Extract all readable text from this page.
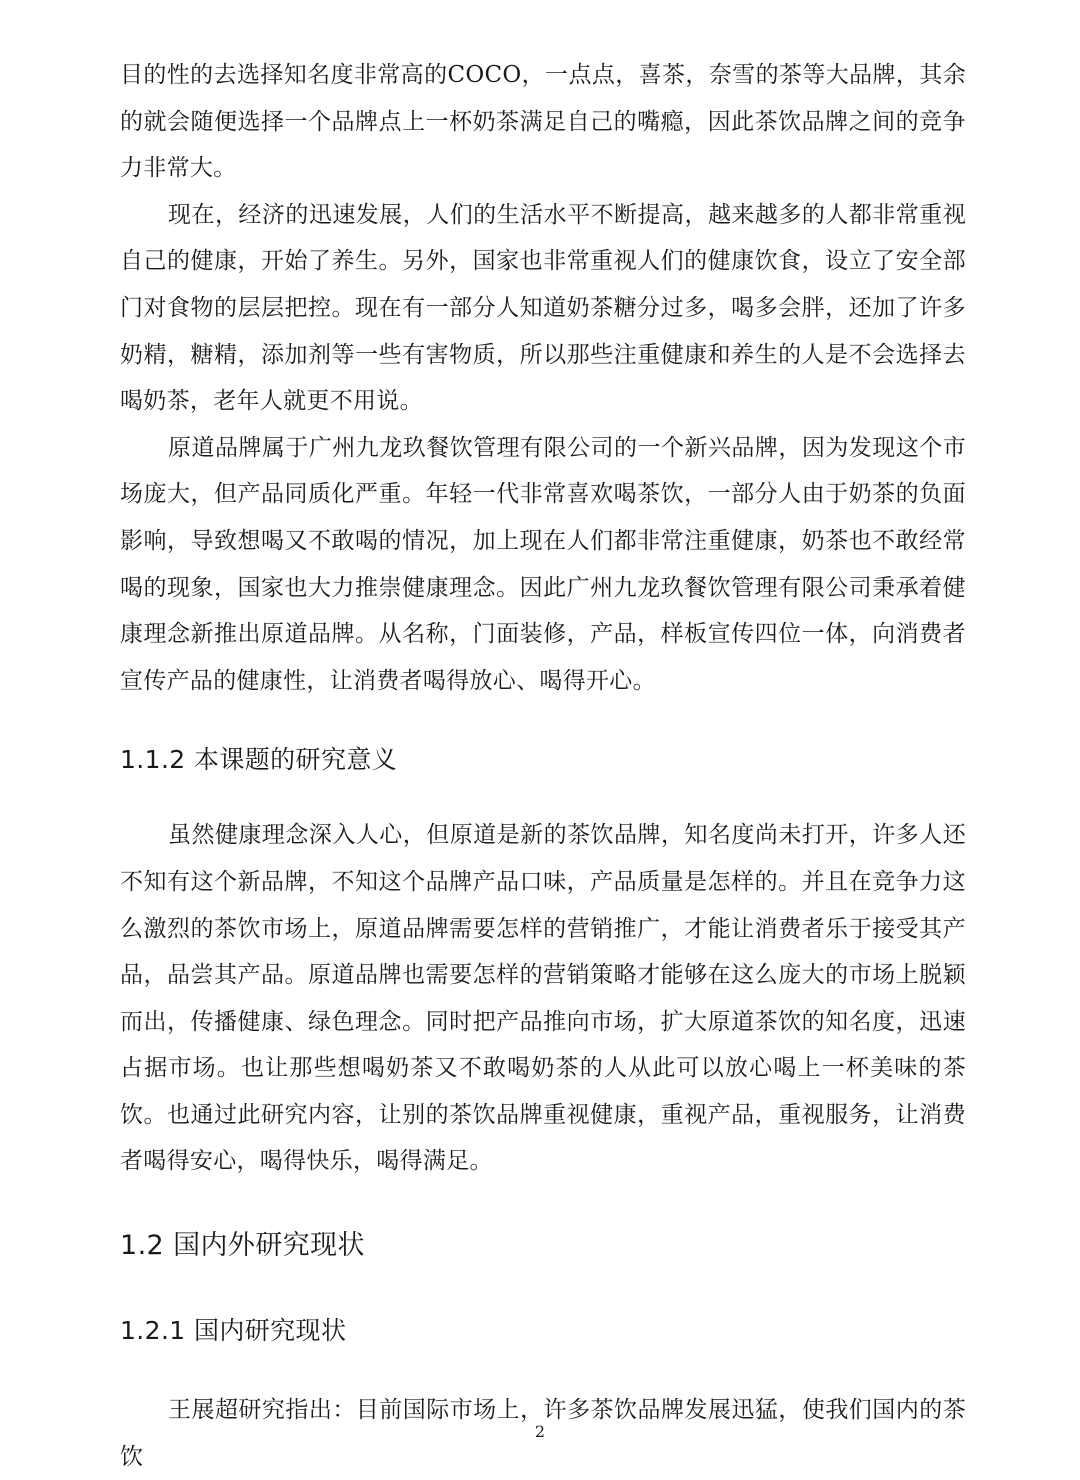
目的性的去选择知名度非常高的COCO，一点点，喜茶，奈雪的茶等大品牌，其余的就会随便选择一个品牌点上一杯奶茶满足自己的嘴瘾，因此茶饮品牌之间的竞争力非常大。

现在，经济的迅速发展，人们的生活水平不断提高，越来越多的人都非常重视自己的健康，开始了养生。另外，国家也非常重视人们的健康饮食，设立了安全部门对食物的层层把控。现在有一部分人知道奶茶糖分过多，喝多会胖，还加了许多奶精，糖精，添加剂等一些有害物质，所以那些注重健康和养生的人是不会选择去喝奶茶，老年人就更不用说。

原道品牌属于广州九龙玖餐饮管理有限公司的一个新兴品牌，因为发现这个市场庞大，但产品同质化严重。年轻一代非常喜欢喝茶饮，一部分人由于奶茶的负面影响，导致想喝又不敢喝的情况，加上现在人们都非常注重健康，奶茶也不敢经常喝的现象，国家也大力推崇健康理念。因此广州九龙玖餐饮管理有限公司秉承着健康理念新推出原道品牌。从名称，门面装修，产品，样板宣传四位一体，向消费者宣传产品的健康性，让消费者喝得放心、喝得开心。

1.1.2 本课题的研究意义

虽然健康理念深入人心，但原道是新的茶饮品牌，知名度尚未打开，许多人还不知有这个新品牌，不知这个品牌产品口味，产品质量是怎样的。并且在竞争力这么激烈的茶饮市场上，原道品牌需要怎样的营销推广，才能让消费者乐于接受其产品，品尝其产品。原道品牌也需要怎样的营销策略才能够在这么庞大的市场上脱颖而出，传播健康、绿色理念。同时把产品推向市场，扩大原道茶饮的知名度，迅速占据市场。也让那些想喝奶茶又不敢喝奶茶的人从此可以放心喝上一杯美味的茶饮。也通过此研究内容，让别的茶饮品牌重视健康，重视产品，重视服务，让消费者喝得安心，喝得快乐，喝得满足。

1.2 国内外研究现状
1.2.1 国内研究现状

王展超研究指出：目前国际市场上，许多茶饮品牌发展迅猛，使我们国内的茶饮

2
